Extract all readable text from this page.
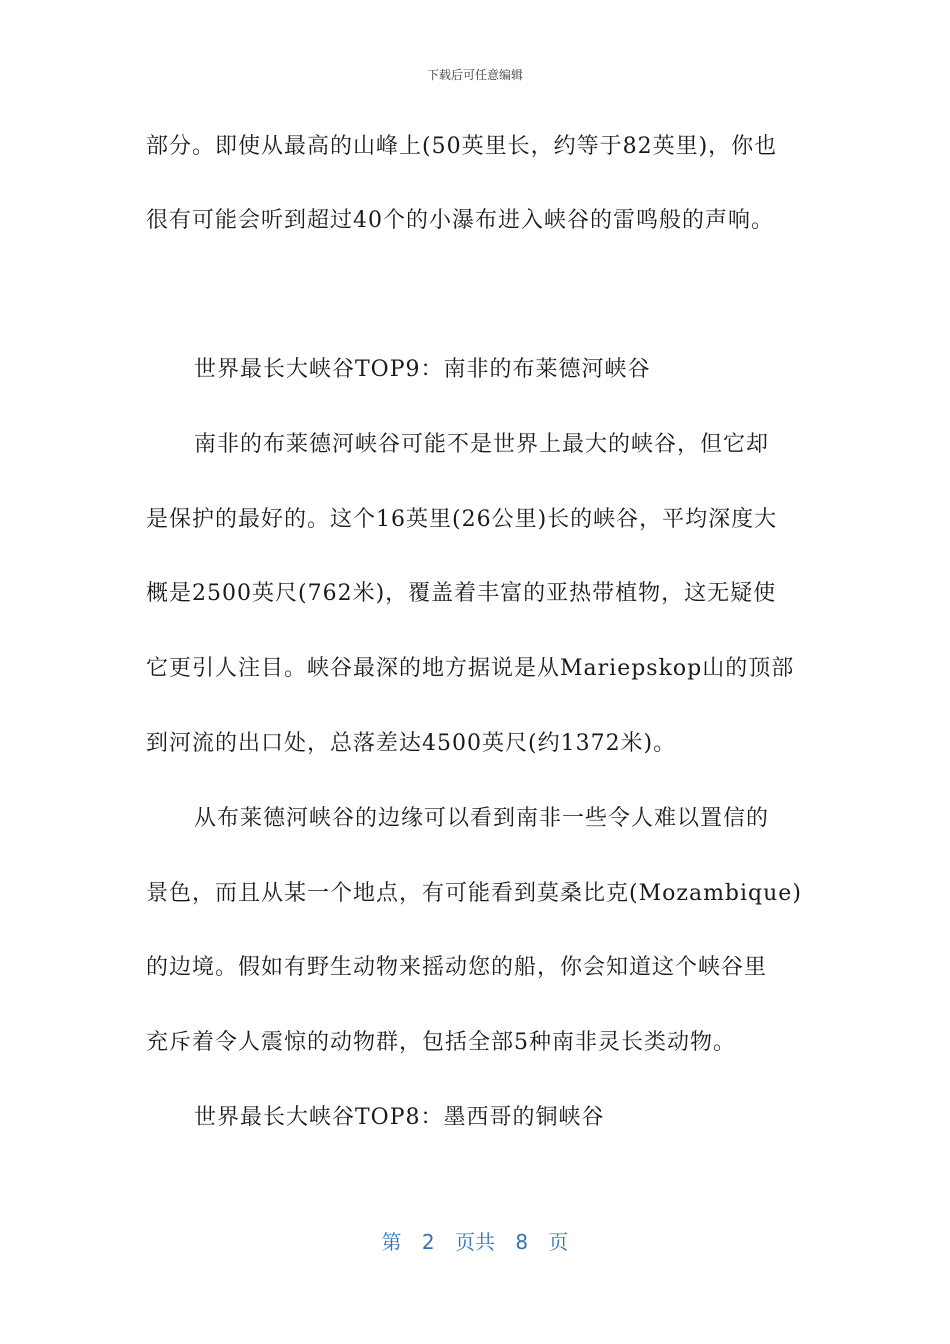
下载后可任意编辑
部分。即使从最高的山峰上(50英里长，约等于82英里)，你也
很有可能会听到超过40个的小瀑布进入峡谷的雷鸣般的声响。
世界最长大峡谷TOP9：南非的布莱德河峡谷
南非的布莱德河峡谷可能不是世界上最大的峡谷，但它却
是保护的最好的。这个16英里(26公里)长的峡谷，平均深度大
概是2500英尺(762米)，覆盖着丰富的亚热带植物，这无疑使
它更引人注目。峡谷最深的地方据说是从Mariepskop山的顶部
到河流的出口处，总落差达4500英尺(约1372米)。
从布莱德河峡谷的边缘可以看到南非一些令人难以置信的
景色，而且从某一个地点，有可能看到莫桑比克(Mozambique)
的边境。假如有野生动物来摇动您的船，你会知道这个峡谷里
充斥着令人震惊的动物群，包括全部5种南非灵长类动物。
世界最长大峡谷TOP8：墨西哥的铜峡谷
第 2 页共 8 页
